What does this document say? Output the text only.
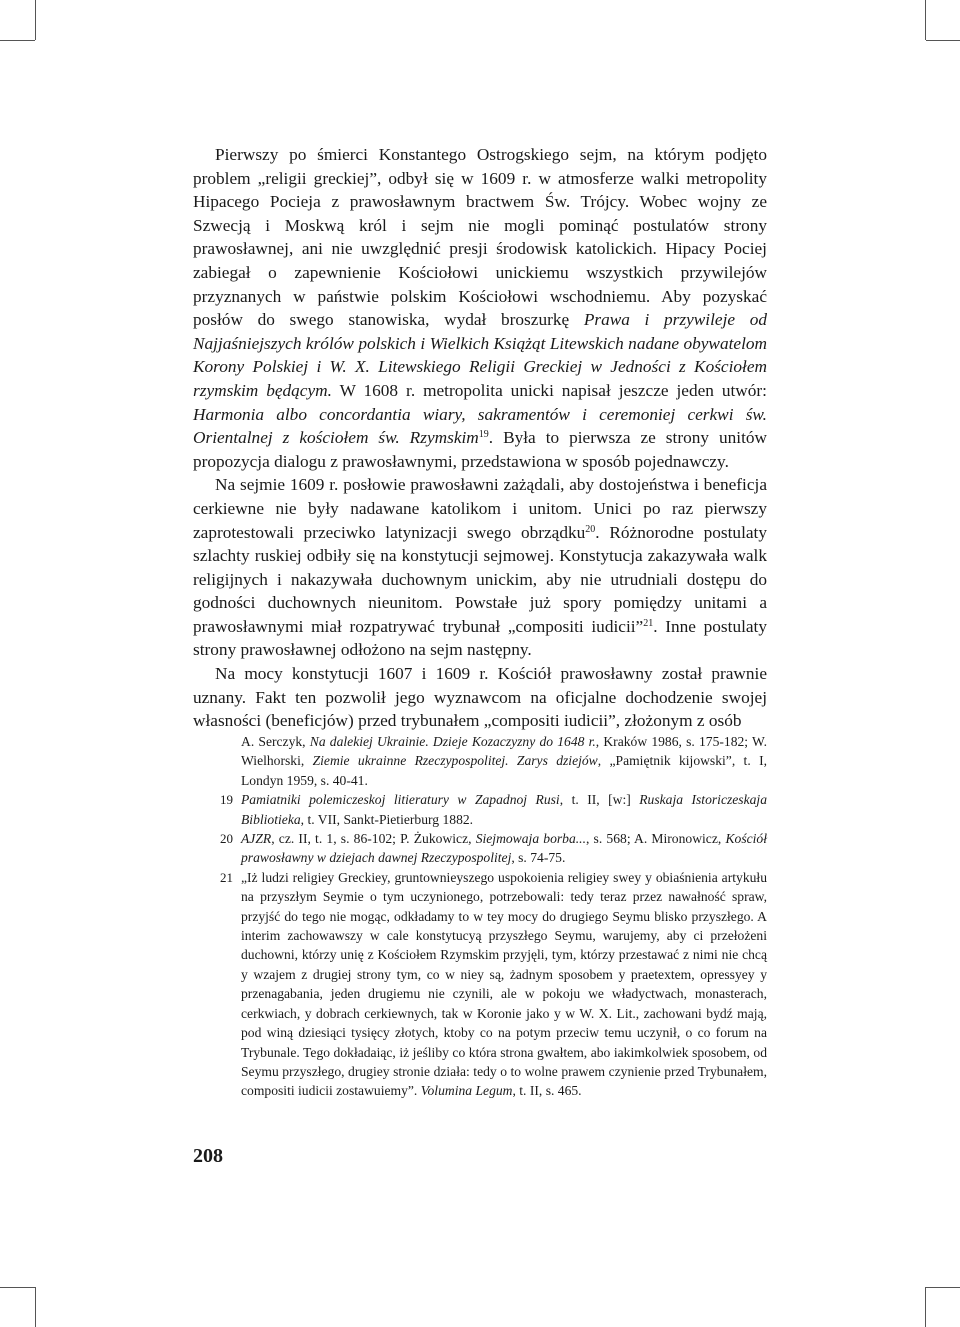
Pierwszy po śmierci Konstantego Ostrogskiego sejm, na którym podjęto problem „religii greckiej”, odbył się w 1609 r. w atmosferze walki metropolity Hipacego Pocieja z prawosławnym bractwem Św. Trójcy. Wobec wojny ze Szwecją i Moskwą król i sejm nie mogli pominąć postulatów strony prawosławnej, ani nie uwzględnić presji środowisk katolickich. Hipacy Pociej zabiegał o zapewnienie Kościołowi unickiemu wszystkich przywilejów przyznanych w państwie polskim Kościołowi wschodniemu. Aby pozyskać posłów do swego stanowiska, wydał broszurkę Prawa i przywileje od Najjaśniejszych królów polskich i Wielkich Książąt Litewskich nadane obywatelom Korony Polskiej i W. X. Litewskiego Religii Greckiej w Jedności z Kościołem rzymskim będącym. W 1608 r. metropolita unicki napisał jeszcze jeden utwór: Harmonia albo concordantia wiary, sakramentów i ceremoniej cerkwi św. Orientalnej z kościołem św. Rzymskim$^{19}$. Była to pierwsza ze strony unitów propozycja dialogu z prawosławnymi, przedstawiona w sposób pojednawczy.

Na sejmie 1609 r. posłowie prawosławni zażądali, aby dostojeństwa i beneficja cerkiewne nie były nadawane katolikom i unitom. Unici po raz pierwszy zaprotestowali przeciwko latynizacji swego obrządku$^{20}$. Różnorodne postulaty szlachty ruskiej odbiły się na konstytucji sejmowej. Konstytucja zakazywała walk religijnych i nakazywała duchownym unickim, aby nie utrudniali dostępu do godności duchownych nieunitom. Powstałe już spory pomiędzy unitami a prawosławnymi miał rozpatrywać trybunał „compositi iudicii”$^{21}$. Inne postulaty strony prawosławnej odłożono na sejm następny.

Na mocy konstytucji 1607 i 1609 r. Kościół prawosławny został prawnie uznany. Fakt ten pozwolił jego wyznawcom na oficjalne dochodzenie swojej własności (beneficjów) przed trybunałem „compositi iudicii”, złożonym z osób

A. Serczyk, Na dalekiej Ukrainie. Dzieje Kozaczyzny do 1648 r., Kraków 1986, s. 175-182; W. Wielhorski, Ziemie ukrainne Rzeczypospolitej. Zarys dziejów, „Pamiętnik kijowski”, t. I, Londyn 1959, s. 40-41.
19 Pamiatniki polemiczeskoj litieratury w Zapadnoj Rusi, t. II, [w:] Ruskaja Istoriczeskaja Bibliotieka, t. VII, Sankt-Pietierburg 1882.
20 AJZR, cz. II, t. 1, s. 86-102; P. Żukowicz, Siejmowaja borba..., s. 568; A. Mironowicz, Kościół prawosławny w dziejach dawnej Rzeczypospolitej, s. 74-75.
21 „Iż ludzi religiey Greckiey, gruntownieyszego uspokoienia religiey swey y obiaśnienia artykułu na przyszłym Seymie o tym uczynionego, potrzebowali: tedy teraz przez nawałność spraw, przyjść do tego nie mogąc, odkładamy to w tey mocy do drugiego Seymu blisko przyszłego. A interim zachowawszy w cale konstytucyą przyszłego Seymu, warujemy, aby ci przełożeni duchowni, którzy unię z Kościołem Rzymskim przyjęli, tym, którzy przestawać z nimi nie chcą y wzajem z drugiej strony tym, co w niey są, żadnym sposobem y praetextem, opressyey y przenagabania, jeden drugiemu nie czynili, ale w pokoju we władyctwach, monasterach, cerkwiach, y dobrach cerkiewnych, tak w Koronie jako y w W. X. Lit., zachowani bydź mają, pod winą dziesiąci tysięcy złotych, ktoby co na potym przeciw temu uczynił, o co forum na Trybunale. Tego dokładaiąc, iż jeśliby co która strona gwałtem, abo iakimkolwiek sposobem, od Seymu przyszłego, drugiey stronie działa: tedy o to wolne prawem czynienie przed Trybunałem, compositi iudicii zostawuiemy”. Volumina Legum, t. II, s. 465.
208
